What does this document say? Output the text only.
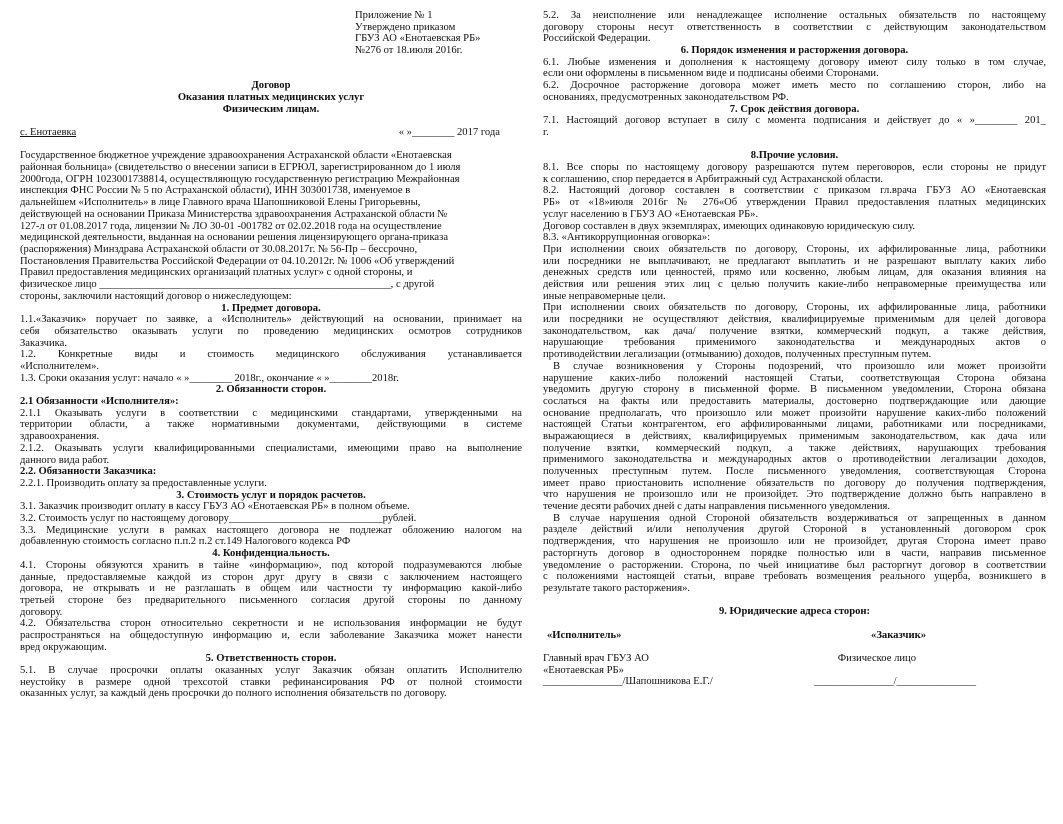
Приложение № 1
Утверждено приказом
ГБУЗ АО «Енотаевская РБ»
№276 от 18.июля 2016г.
Договор
Оказания платных медицинских услуг
Физическим лицам.
с. Енотаевка	« »________ 2017 года
Государственное бюджетное учреждение здравоохранения Астраханской области «Енотаевская
районная больница» (свидетельство о внесении записи в ЕГРЮЛ, зарегистрированном до 1 июля
2000года, ОГРН 1023001738814, осуществляющую государственную регистрацию Межрайонная
инспекция ФНС России № 5 по Астраханской области), ИНН 303001738, именуемое в
дальнейшем «Исполнитель» в лице Главного врача Шапошниковой Елены Григорьевны,
действующей на основании Приказа Министерства здравоохранения Астраханской области №
127-л от 01.08.2017 года, лицензии № ЛО 30-01 -001782 от 02.02.2018 года на осуществление
медицинской деятельности, выданная на основании решения лицензирующего органа-приказа
(распоряжения) Минздрава Астраханской области от 30.08.2017г. № 56-Пр – бессрочно,
Постановления Правительства Российской Федерации от 04.10.2012г. № 1006 «Об утверждений
Правил предоставления медицинских организаций платных услуг» с одной стороны, и
физическое лицо _______________________________________________________, с другой
стороны, заключили настоящий договор о нижеследующем:
1. Предмет договора.
1.1.«Заказчик» поручает по заявке, а «Исполнитель» действующий на основании, принимает на
себя обязательство оказывать услуги по проведению медицинских осмотров сотрудников
Заказчика.
1.2. Конкретные виды и стоимость медицинского обслуживания устанавливается
«Исполнителем».
1.3. Сроки оказания услуг: начало « »________ 2018г., окончание « »________2018г.
2. Обязанности сторон.
2.1 Обязанности «Исполнителя»:
2.1.1 Оказывать услуги в соответствии с медицинскими стандартами, утвержденными на
территории области, а также нормативными документами, действующими в системе
здравоохранения.
2.1.2. Оказывать услуги квалифицированными специалистами, имеющими право на выполнение
данного вида работ.
2.2. Обязанности Заказчика:
2.2.1. Производить оплату за предоставленные услуги.
3. Стоимость услуг и порядок расчетов.
3.1. Заказчик производит оплату в кассу ГБУЗ АО «Енотаевская РБ» в полном объеме.
3.2. Стоимость услуг по настоящему договору_____________________________рублей.
3.3. Медицинские услуги в рамках настоящего договора не подлежат обложению налогом на
добавленную стоимость согласно п.п.2 п.2 ст.149 Налогового кодекса РФ
4. Конфиденциальность.
4.1. Стороны обязуются хранить в тайне «информацию», под которой подразумеваются любые
данные, предоставляемые каждой из сторон друг другу в связи с заключением настоящего
договора, не открывать и не разглашать в общем или частности ту информацию какой-либо
третьей стороне без предварительного письменного согласия другой стороны по данному
договору.
4.2. Обязательства сторон относительно секретности и не использования информации не будут
распространяться на общедоступную информацию и, если заболевание Заказчика может нанести
вред окружающим.
5. Ответственность сторон.
5.1. В случае просрочки оплаты оказанных услуг Заказчик обязан оплатить Исполнителю
неустойку в размере одной трехсотой ставки рефинансирования РФ от полной стоимости
оказанных услуг, за каждый день просрочки до полного исполнения обязательств по договору.
5.2. За неисполнение или ненадлежащее исполнение остальных обязательств по настоящему
договору стороны несут ответственность в соответствии с действующим законодательством
Российской Федерации.
6. Порядок изменения и расторжения договора.
6.1. Любые изменения и дополнения к настоящему договору имеют силу только в том случае,
если они оформлены в письменном виде и подписаны обеими Сторонами.
6.2. Досрочное расторжение договора может иметь место по соглашению сторон, либо на
основаниях, предусмотренных законодательством РФ.
7. Срок действия договора.
7.1. Настоящий договор вступает в силу с момента подписания и действует до « »________ 201_
г.
8.Прочие условия.
8.1. Все споры по настоящему договору разрешаются путем переговоров, если стороны не придут
к соглашению, спор передается в Арбитражный суд Астраханской области.
8.2. Настоящий договор составлен в соответствии с приказом гл.врача ГБУЗ АО «Енотаевская
РБ» от «18»июля 2016г № 276«Об утверждении Правил предоставления платных медицинских
услуг населению в ГБУЗ АО «Енотаевская РБ».
Договор составлен в двух экземплярах, имеющих одинаковую юридическую силу.
8.3. «Антикоррупционная оговорка»:
При исполнении своих обязательств по договору, Стороны, их аффилированные лица, работники
или посредники не выплачивают, не предлагают выплатить и не разрешают выплату каких либо
денежных средств или ценностей, прямо или косвенно, любым лицам, для оказания влияния на
действия или решения этих лиц с целью получить какие-либо неправомерные преимущества или
иные неправомерные цели.
При исполнении своих обязательств по договору, Стороны, их аффилированные лица, работники
или посредники не осуществляют действия, квалифицируемые применимым для целей договора
законодательством, как дача/ получение взятки, коммерческий подкуп, а также действия,
нарушающие требования применимого законодательства и международных актов о
противодействии легализации (отмыванию) доходов, полученных преступным путем.
В случае возникновения у Стороны подозрений, что произошло или может произойти
нарушение каких-либо положений настоящей Статьи, соответствующая Сторона обязана
уведомить другую сторону в письменной форме. В письменном уведомлении, Сторона обязана
сослаться на факты или предоставить материалы, достоверно подтверждающие или дающие
основание предполагать, что произошло или может произойти нарушение каких-либо положений
настоящей Статьи контрагентом, его аффилированными лицами, работниками или посредниками,
выражающиеся в действиях, квалифицируемых применимым законодательством, как дача или
получение взятки, коммерческий подкуп, а также действиях, нарушающих требования
применимого законодательства и международных актов о противодействии легализации доходов,
полученных преступным путем. После письменного уведомления, соответствующая Сторона
имеет право приостановить исполнение обязательств по договору до получения подтверждения,
что нарушения не произошло или не произойдет. Это подтверждение должно быть направлено в
течение десяти рабочих дней с даты направления письменного уведомления.
В случае нарушения одной Стороной обязательств воздерживаться от запрещенных в данном
разделе действий и/или неполучения другой Стороной в установленный договором срок
подтверждения, что нарушения не произошло или не произойдет, другая Сторона имеет право
расторгнуть договор в одностороннем порядке полностью или в части, направив письменное
уведомление о расторжении. Сторона, по чьей инициативе был расторгнут договор в соответствии
с положениями настоящей статьи, вправе требовать возмещения реального ущерба, возникшего в
результате такого расторжения».
9. Юридические адреса сторон:
«Исполнитель»	«Заказчик»
Главный врач ГБУЗ АО	Физическое лицо
«Енотаевская РБ»
_______________/Шапошникова Е.Г./	_______________/_______________
